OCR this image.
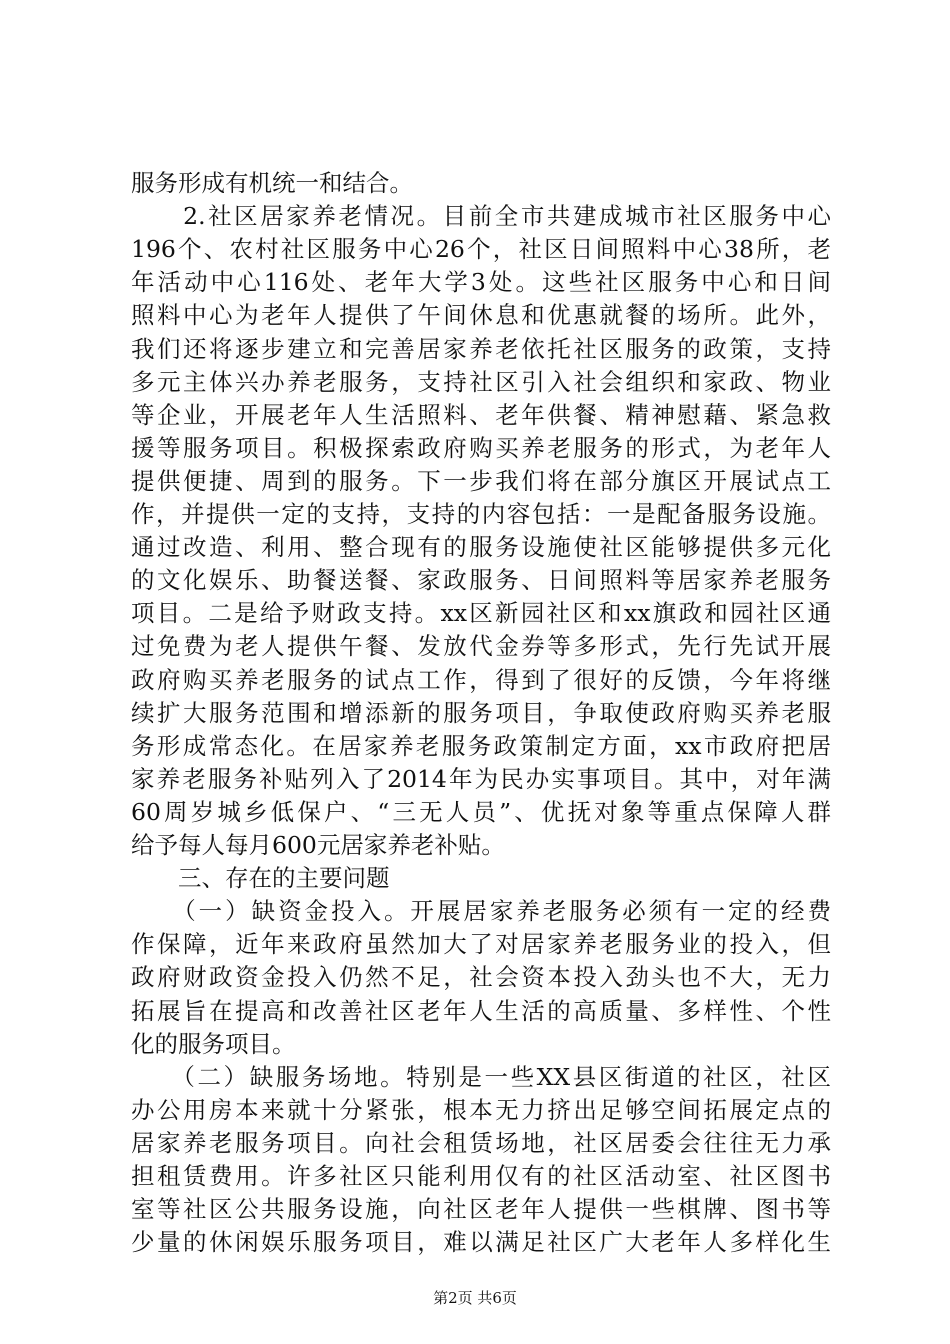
服务形成有机统一和结合。
　　2.社区居家养老情况。目前全市共建成城市社区服务中心
196个、农村社区服务中心26个，社区日间照料中心38所，老
年活动中心116处、老年大学3处。这些社区服务中心和日间
照料中心为老年人提供了午间休息和优惠就餐的场所。此外，
我们还将逐步建立和完善居家养老依托社区服务的政策，支持
多元主体兴办养老服务，支持社区引入社会组织和家政、物业
等企业，开展老年人生活照料、老年供餐、精神慰藉、紧急救
援等服务项目。积极探索政府购买养老服务的形式，为老年人
提供便捷、周到的服务。下一步我们将在部分旗区开展试点工
作，并提供一定的支持，支持的内容包括：一是配备服务设施。
通过改造、利用、整合现有的服务设施使社区能够提供多元化
的文化娱乐、助餐送餐、家政服务、日间照料等居家养老服务
项目。二是给予财政支持。xx区新园社区和xx旗政和园社区通
过免费为老人提供午餐、发放代金券等多形式，先行先试开展
政府购买养老服务的试点工作，得到了很好的反馈，今年将继
续扩大服务范围和增添新的服务项目，争取使政府购买养老服
务形成常态化。在居家养老服务政策制定方面，xx市政府把居
家养老服务补贴列入了2014年为民办实事项目。其中，对年满
60周岁城乡低保户、“三无人员”、优抚对象等重点保障人群
给予每人每月600元居家养老补贴。
　　三、存在的主要问题
　　（一）缺资金投入。开展居家养老服务必须有一定的经费
作保障，近年来政府虽然加大了对居家养老服务业的投入，但
政府财政资金投入仍然不足，社会资本投入劲头也不大，无力
拓展旨在提高和改善社区老年人生活的高质量、多样性、个性
化的服务项目。
　　（二）缺服务场地。特别是一些XX县区街道的社区，社区
办公用房本来就十分紧张，根本无力挤出足够空间拓展定点的
居家养老服务项目。向社会租赁场地，社区居委会往往无力承
担租赁费用。许多社区只能利用仅有的社区活动室、社区图书
室等社区公共服务设施，向社区老年人提供一些棋牌、图书等
少量的休闲娱乐服务项目，难以满足社区广大老年人多样化生
第2页 共6页
